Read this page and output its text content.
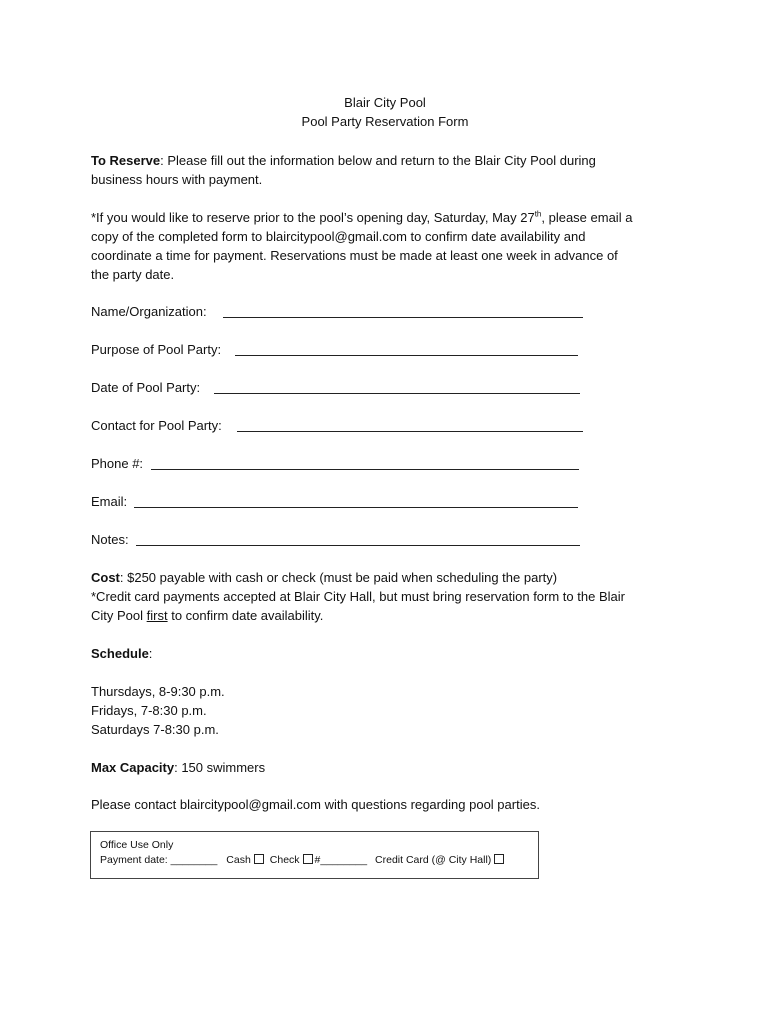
Blair City Pool
Pool Party Reservation Form
To Reserve: Please fill out the information below and return to the Blair City Pool during
business hours with payment.
*If you would like to reserve prior to the pool’s opening day, Saturday, May 27th, please email a
copy of the completed form to blaircitypool@gmail.com to confirm date availability and
coordinate a time for payment. Reservations must be made at least one week in advance of
the party date.
Name/Organization:
Purpose of Pool Party:
Date of Pool Party:
Contact for Pool Party:
Phone #:
Email:
Notes:
Cost: $250 payable with cash or check (must be paid when scheduling the party)
*Credit card payments accepted at Blair City Hall, but must bring reservation form to the Blair
City Pool first to confirm date availability.
Schedule:
Thursdays, 8-9:30 p.m.
Fridays, 7-8:30 p.m.
Saturdays 7-8:30 p.m.
Max Capacity: 150 swimmers
Please contact blaircitypool@gmail.com with questions regarding pool parties.
Office Use Only
Payment date: ________ Cash Check #________ Credit Card (@ City Hall)
